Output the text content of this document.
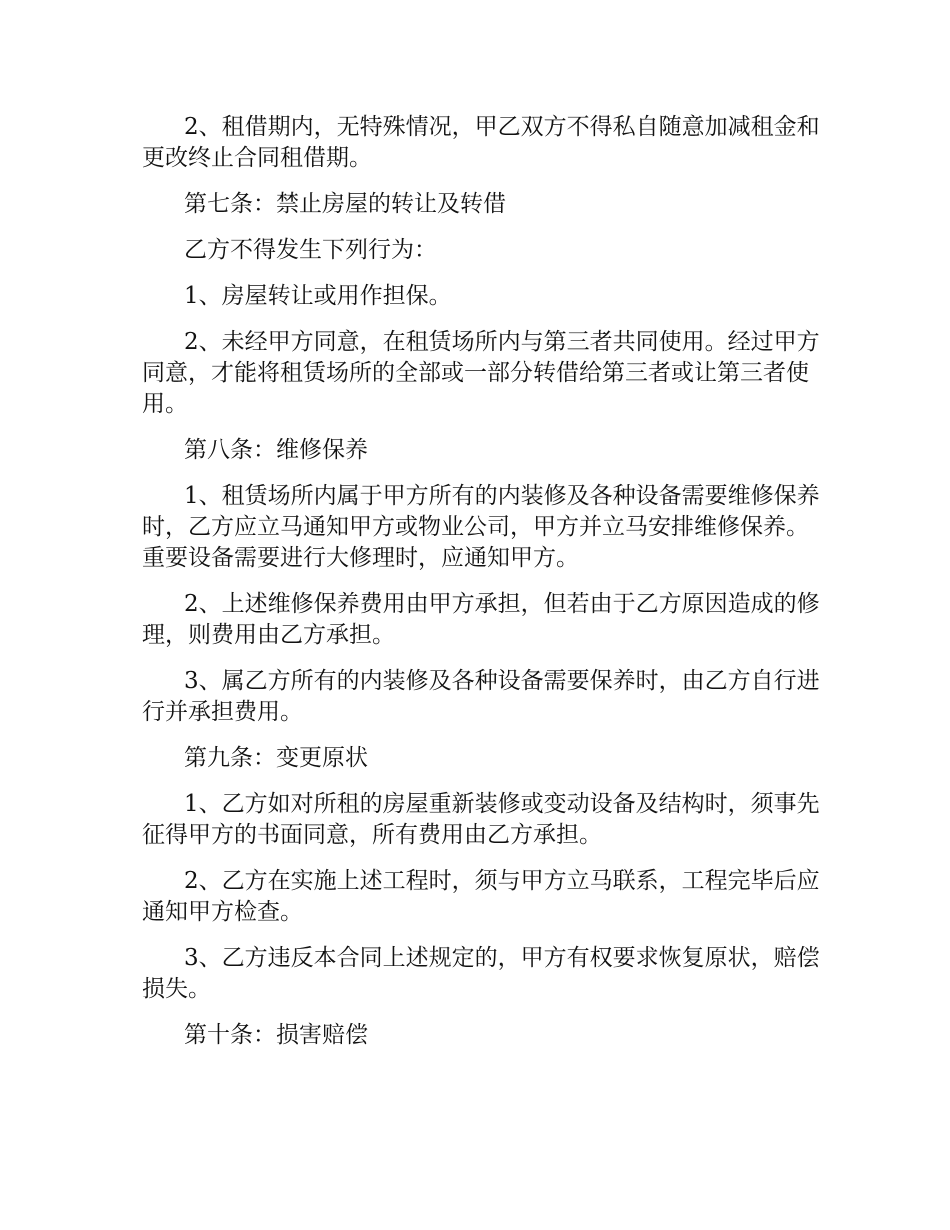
2、租借期内，无特殊情况，甲乙双方不得私自随意加减租金和更改终止合同租借期。

第七条：禁止房屋的转让及转借

乙方不得发生下列行为：

1、房屋转让或用作担保。

2、未经甲方同意，在租赁场所内与第三者共同使用。经过甲方同意，才能将租赁场所的全部或一部分转借给第三者或让第三者使用。

第八条：维修保养

1、租赁场所内属于甲方所有的内装修及各种设备需要维修保养时，乙方应立马通知甲方或物业公司，甲方并立马安排维修保养。重要设备需要进行大修理时，应通知甲方。

2、上述维修保养费用由甲方承担，但若由于乙方原因造成的修理，则费用由乙方承担。

3、属乙方所有的内装修及各种设备需要保养时，由乙方自行进行并承担费用。

第九条：变更原状

1、乙方如对所租的房屋重新装修或变动设备及结构时，须事先征得甲方的书面同意，所有费用由乙方承担。

2、乙方在实施上述工程时，须与甲方立马联系，工程完毕后应通知甲方检查。

3、乙方违反本合同上述规定的，甲方有权要求恢复原状，赔偿损失。

第十条：损害赔偿
